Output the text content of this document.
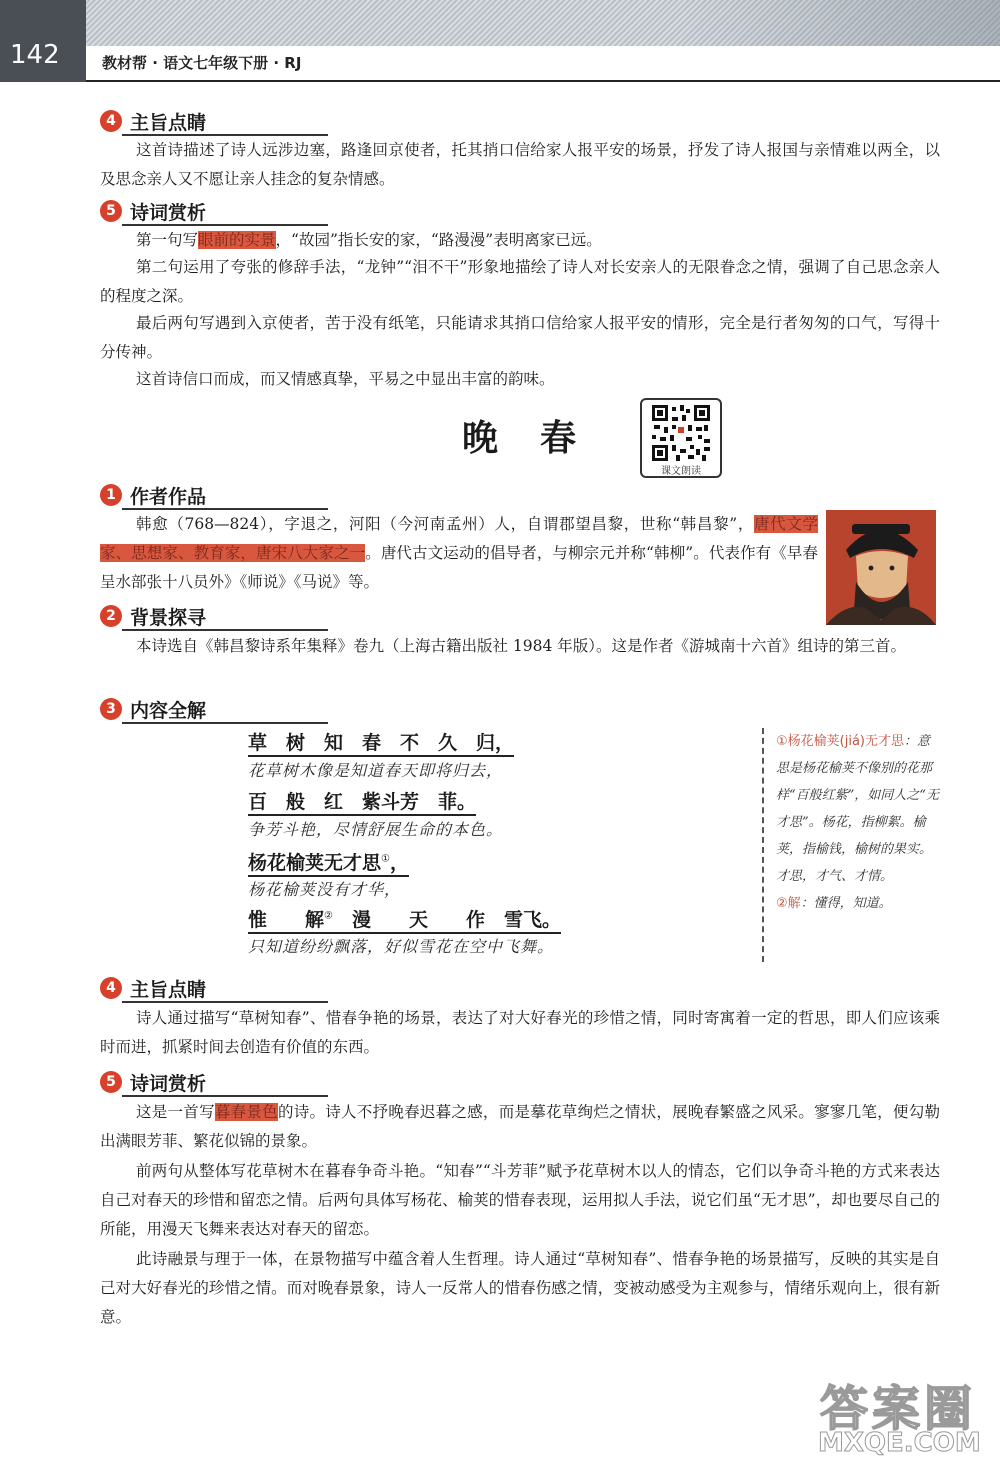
142	教材帮 · 语文七年级下册 · RJ
4 主旨点睛
这首诗描述了诗人远涉边塞，路逢回京使者，托其捎口信给家人报平安的场景，抒发了诗人报国与亲情难以两全，以及思念亲人又不愿让亲人挂念的复杂情感。
5 诗词赏析
第一句写眼前的实景，“故园”指长安的家，“路漫漫”表明离家已远。
第二句运用了夸张的修辞手法，“龙钟”“泪不干”形象地描绘了诗人对长安亲人的无限眷念之情，强调了自己思念亲人的程度之深。
最后两句写遇到入京使者，苦于没有纸笔，只能请求其捎口信给家人报平安的情形，完全是行者匆匆的口气，写得十分传神。
这首诗信口而成，而又情感真挚，平易之中显出丰富的韵味。
晚春
课文朗读
1 作者作品
韩愈（768—824），字退之，河阳（今河南孟州）人，自谓郡望昌黎，世称“韩昌黎”，唐代文学家、思想家、教育家，唐宋八大家之一。唐代古文运动的倡导者，与柳宗元并称“韩柳”。代表作有《早春呈水部张十八员外》《师说》《马说》等。
2 背景探寻
本诗选自《韩昌黎诗系年集释》卷九（上海古籍出版社 1984 年版）。这是作者《游城南十六首》组诗的第三首。
3 内容全解
草　树　知　春　不　久　归，
花草树木像是知道春天即将归去，
百　般　红　紫斗芳　菲。
争芳斗艳，尽情舒展生命的本色。
杨花榆荚无才思①，
杨花榆荚没有才华，
惟　　解②　 漫　　天　　作　雪飞。
只知道纷纷飘落，好似雪花在空中飞舞。
①杨花榆荚(jiá)无才思：意思是杨花榆荚不像别的花那样“百般红紫”，如同人之“无才思”。杨花，指柳絮。榆荚，指榆钱，榆树的果实。才思，才气、才情。
②解：懂得，知道。
4 主旨点睛
诗人通过描写“草树知春”、惜春争艳的场景，表达了对大好春光的珍惜之情，同时寄寓着一定的哲思，即人们应该乘时而进，抓紧时间去创造有价值的东西。
5 诗词赏析
这是一首写暮春景色的诗。诗人不抒晚春迟暮之感，而是摹花草绚烂之情状，展晚春繁盛之风采。寥寥几笔，便勾勒出满眼芳菲、繁花似锦的景象。
前两句从整体写花草树木在暮春争奇斗艳。“知春”“斗芳菲”赋予花草树木以人的情态，它们以争奇斗艳的方式来表达自己对春天的珍惜和留恋之情。后两句具体写杨花、榆荚的惜春表现，运用拟人手法，说它们虽“无才思”，却也要尽自己的所能，用漫天飞舞来表达对春天的留恋。
此诗融景与理于一体，在景物描写中蕴含着人生哲理。诗人通过“草树知春”、惜春争艳的场景描写，反映的其实是自己对大好春光的珍惜之情。而对晚春景象，诗人一反常人的惜春伤感之情，变被动感受为主观参与，情绪乐观向上，很有新意。
答案圈
MXQE.COM
